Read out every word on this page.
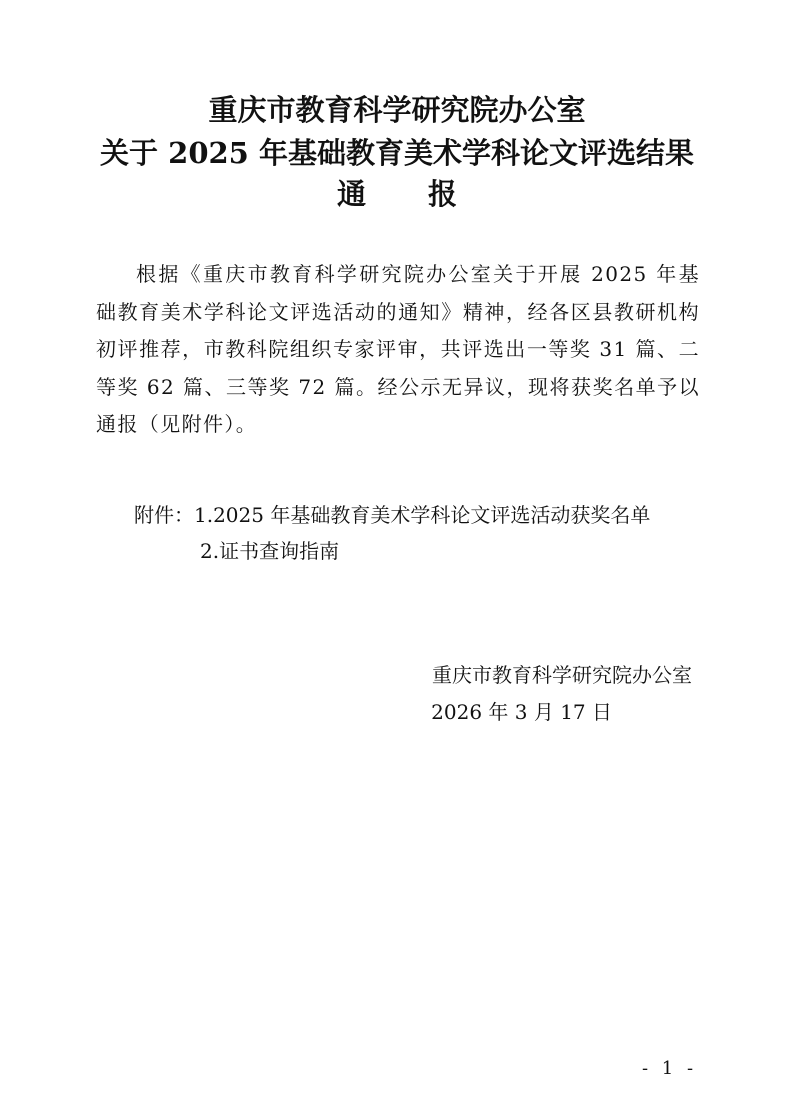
重庆市教育科学研究院办公室
关于 2025 年基础教育美术学科论文评选结果
通 报

根据《重庆市教育科学研究院办公室关于开展 2025 年基础教育美术学科论文评选活动的通知》精神，经各区县教研机构初评推荐，市教科院组织专家评审，共评选出一等奖 31 篇、二等奖 62 篇、三等奖 72 篇。经公示无异议，现将获奖名单予以通报（见附件）。

附件：1.2025 年基础教育美术学科论文评选活动获奖名单
2.证书查询指南
重庆市教育科学研究院办公室
2026 年 3 月 17 日
- 1 -
